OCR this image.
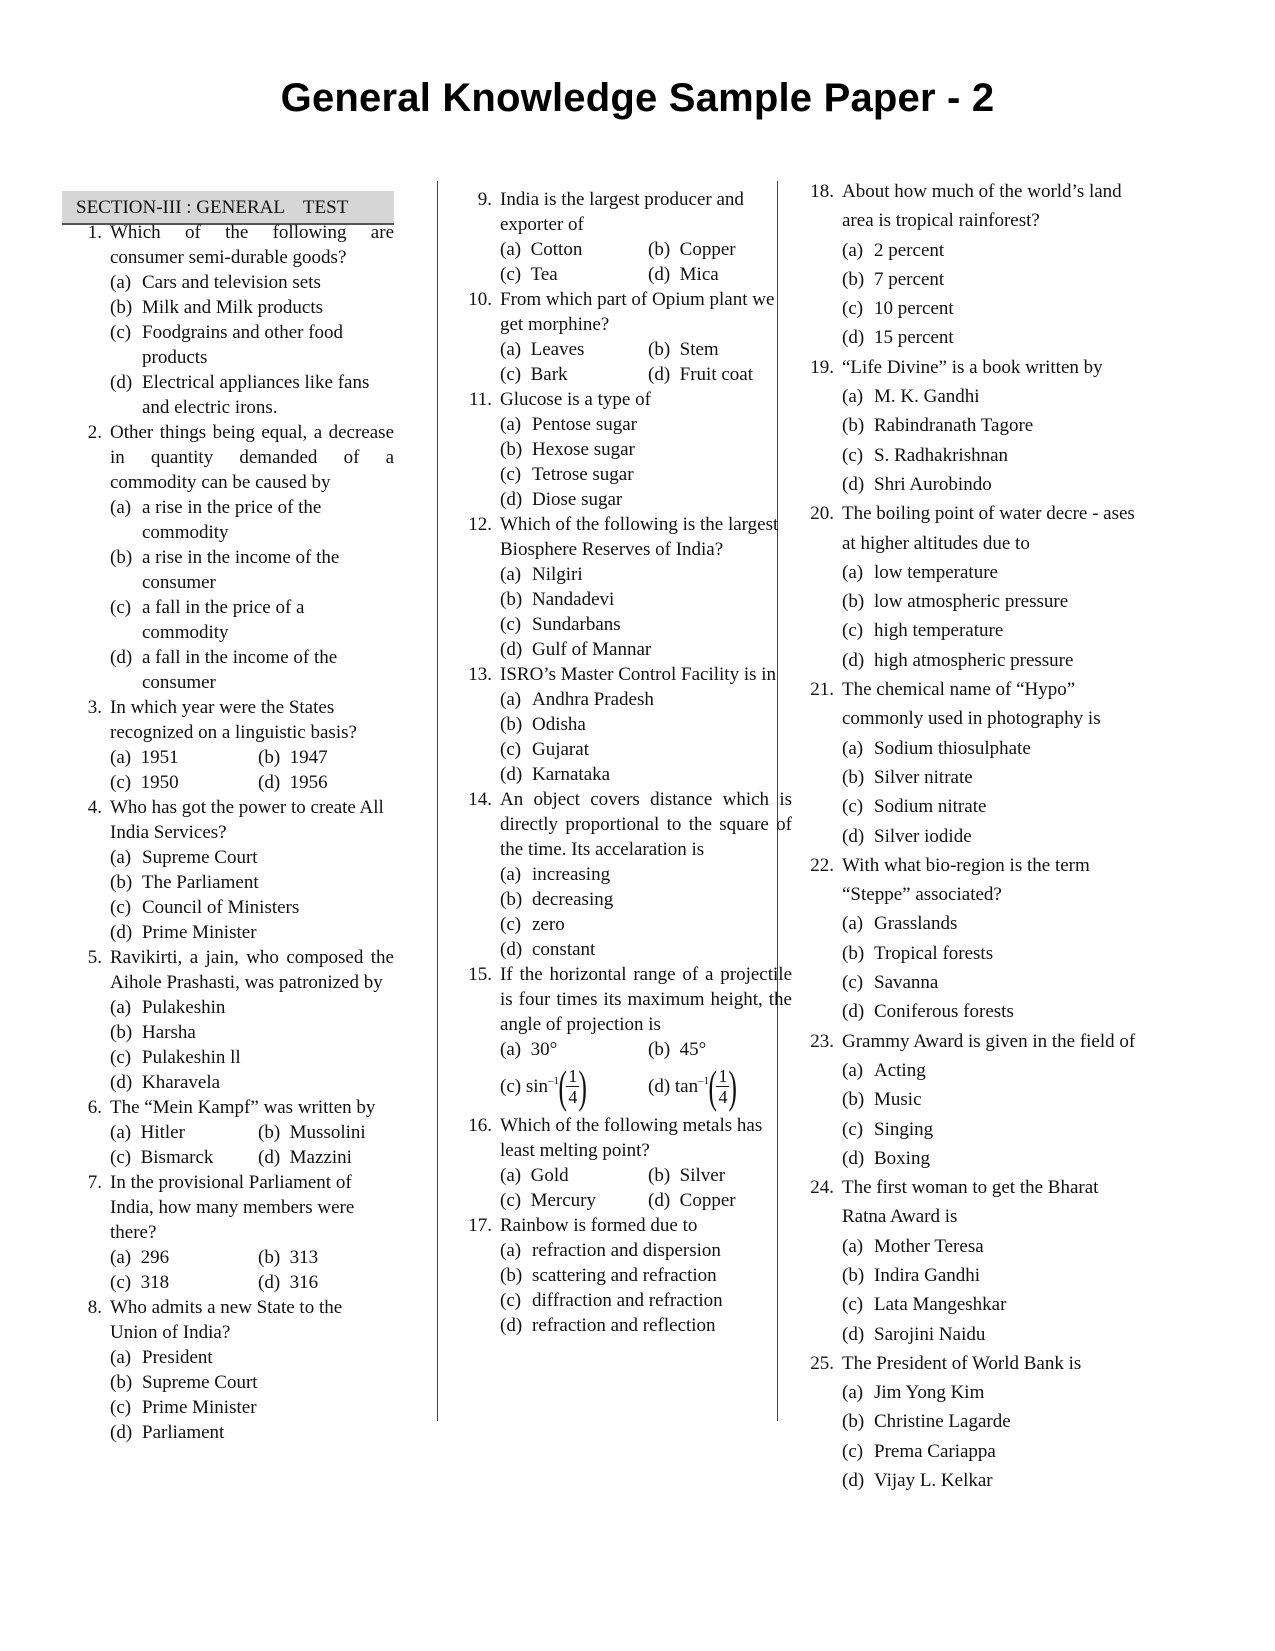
General Knowledge Sample Paper - 2
SECTION-III : GENERAL    TEST
1. Which of the following are consumer semi-durable goods?
(a) Cars and television sets
(b) Milk and Milk products
(c) Foodgrains and other food products
(d) Electrical appliances like fans and electric irons.
2. Other things being equal, a decrease in quantity demanded of a commodity can be caused by
(a) a rise in the price of the commodity
(b) a rise in the income of the consumer
(c) a fall in the price of a commodity
(d) a fall in the income of the consumer
3. In which year were the States recognized on a linguistic basis?
(a)  1951	(b)  1947
(c)  1950	(d)  1956
4. Who has got the power to create All India Services?
(a) Supreme Court
(b) The Parliament
(c) Council of Ministers
(d) Prime Minister
5. Ravikirti, a jain, who composed the Aihole Prashasti, was patronized by
(a) Pulakeshin
(b) Harsha
(c) Pulakeshin ll
(d) Kharavela
6. The “Mein Kampf” was written by
(a)  Hitler	(b)  Mussolini
(c)  Bismarck	(d)  Mazzini
7. In the provisional Parliament of India, how many members were there?
(a)  296	(b)  313
(c)  318	(d)  316
8. Who admits a new State to the Union of India?
(a) President
(b) Supreme Court
(c) Prime Minister
(d) Parliament
9. India is the largest producer and exporter of
(a)  Cotton	(b)  Copper
(c)  Tea	(d)  Mica
10. From which part of Opium plant we get morphine?
(a)  Leaves	(b)  Stem
(c)  Bark	(d)  Fruit coat
11. Glucose is a type of
(a) Pentose sugar
(b) Hexose sugar
(c) Tetrose sugar
(d) Diose sugar
12. Which of the following is the largest Biosphere Reserves of India?
(a) Nilgiri
(b) Nandadevi
(c) Sundarbans
(d) Gulf of Mannar
13. ISRO’s Master Control Facility is in
(a) Andhra Pradesh
(b) Odisha
(c) Gujarat
(d) Karnataka
14. An object covers distance which is directly proportional to the square of the time. Its accelaration is
(a) increasing
(b) decreasing
(c) zero
(d) constant
15. If the horizontal range of a projectile is four times its maximum height, the angle of projection is
(a)  30°	(b)  45°
(c) $\sin^{-1}$ ( $\frac{1}{4}$ )	(d) $\tan^{-1}$ ( $\frac{1}{4}$ )
16. Which of the following metals has least melting point?
(a)  Gold	(b)  Silver
(c)  Mercury	(d)  Copper
17. Rainbow is formed due to
(a) refraction and dispersion
(b) scattering and refraction
(c) diffraction and refraction
(d) refraction and reflection
18. About how much of the world’s land area is tropical rainforest?
(a) 2 percent
(b) 7 percent
(c) 10 percent
(d) 15 percent
19. “Life Divine” is a book written by
(a) M. K. Gandhi
(b) Rabindranath Tagore
(c) S. Radhakrishnan
(d) Shri Aurobindo
20. The boiling point of water decre - ases at higher altitudes due to
(a) low temperature
(b) low atmospheric pressure
(c) high temperature
(d) high atmospheric pressure
21. The chemical name of “Hypo” commonly used in photography is
(a) Sodium thiosulphate
(b) Silver nitrate
(c) Sodium nitrate
(d) Silver iodide
22. With what bio-region is the term “Steppe” associated?
(a) Grasslands
(b) Tropical forests
(c) Savanna
(d) Coniferous forests
23. Grammy Award is given in the field of
(a) Acting
(b) Music
(c) Singing
(d) Boxing
24. The first woman to get the Bharat Ratna Award is
(a) Mother Teresa
(b) Indira Gandhi
(c) Lata Mangeshkar
(d) Sarojini Naidu
25. The President of World Bank is
(a) Jim Yong Kim
(b) Christine Lagarde
(c) Prema Cariappa
(d) Vijay L. Kelkar
